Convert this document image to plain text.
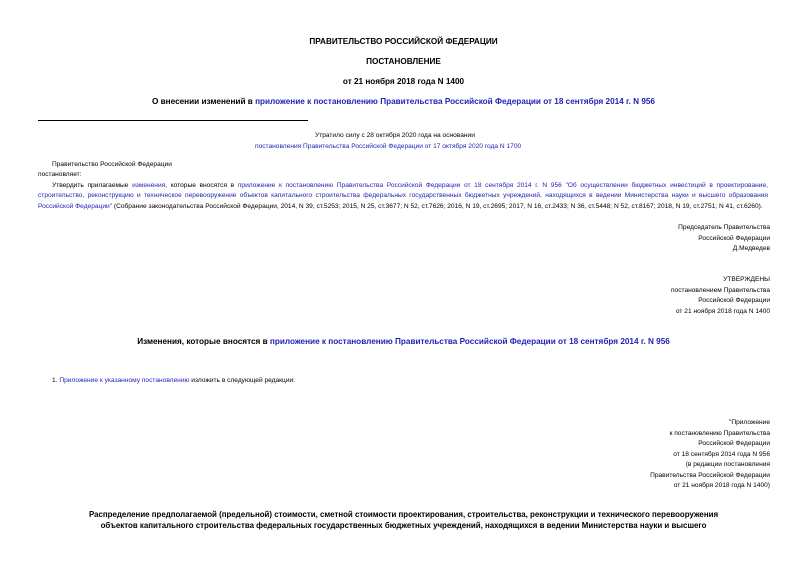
ПРАВИТЕЛЬСТВО РОССИЙСКОЙ ФЕДЕРАЦИИ
ПОСТАНОВЛЕНИЕ
от 21 ноября 2018 года N 1400
О внесении изменений в приложение к постановлению Правительства Российской Федерации от 18 сентября 2014 г. N 956
Утратило силу с 28 октября 2020 года на основании
постановления Правительства Российской Федерации от 17 октября 2020 года N 1700
Правительство Российской Федерации
постановляет:
Утвердить прилагаемые изменения, которые вносятся в приложение к постановлению Правительства Российской Федерации от 18 сентября 2014 г. N 956 "Об осуществлении бюджетных инвестиций в проектирование, строительство, реконструкцию и техническое перевооружение объектов капитального строительства федеральных государственных бюджетных учреждений, находящихся в ведении Министерства науки и высшего образования Российской Федерации" (Собрание законодательства Российской Федерации, 2014, N 39, ст.5253; 2015, N 25, ст.3677; N 52, ст.7626; 2016, N 19, ст.2695; 2017, N 16, ст.2433; N 36, ст.5448; N 52, ст.8167; 2018, N 19, ст.2751; N 41, ст.6260).
Председатель Правительства
Российской Федерации
Д.Медведев
УТВЕРЖДЕНЫ
постановлением Правительства
Российской Федерации
от 21 ноября 2018 года N 1400
Изменения, которые вносятся в приложение к постановлению Правительства Российской Федерации от 18 сентября 2014 г. N 956
1. Приложение к указанному постановлению изложить в следующей редакции:
"Приложение
к постановлению Правительства
Российской Федерации
от 18 сентября 2014 года N 956
(в редакции постановления
Правительства Российской Федерации
от 21 ноября 2018 года N 1400)
Распределение предполагаемой (предельной) стоимости, сметной стоимости проектирования, строительства, реконструкции и технического перевооружения
объектов капитального строительства федеральных государственных бюджетных учреждений, находящихся в ведении Министерства науки и высшего
